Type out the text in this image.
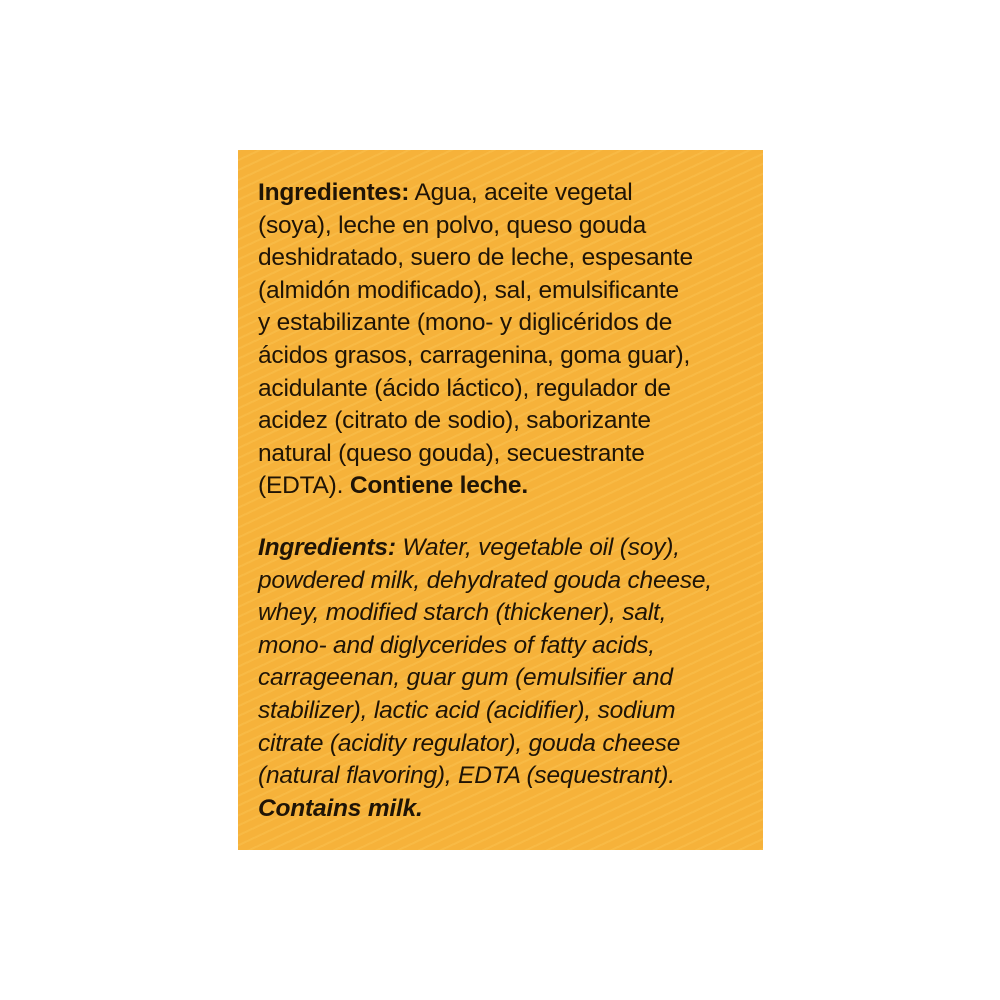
Ingredientes: Agua, aceite vegetal
(soya), leche en polvo, queso gouda
deshidratado, suero de leche, espesante
(almidón modificado), sal, emulsificante
y estabilizante (mono- y diglicéridos de
ácidos grasos, carragenina, goma guar),
acidulante (ácido láctico), regulador de
acidez (citrato de sodio), saborizante
natural (queso gouda), secuestrante
(EDTA). Contiene leche.
Ingredients: Water, vegetable oil (soy),
powdered milk, dehydrated gouda cheese,
whey, modified starch (thickener), salt,
mono- and diglycerides of fatty acids,
carrageenan, guar gum (emulsifier and
stabilizer), lactic acid (acidifier), sodium
citrate (acidity regulator), gouda cheese
(natural flavoring), EDTA (sequestrant).
Contains milk.
